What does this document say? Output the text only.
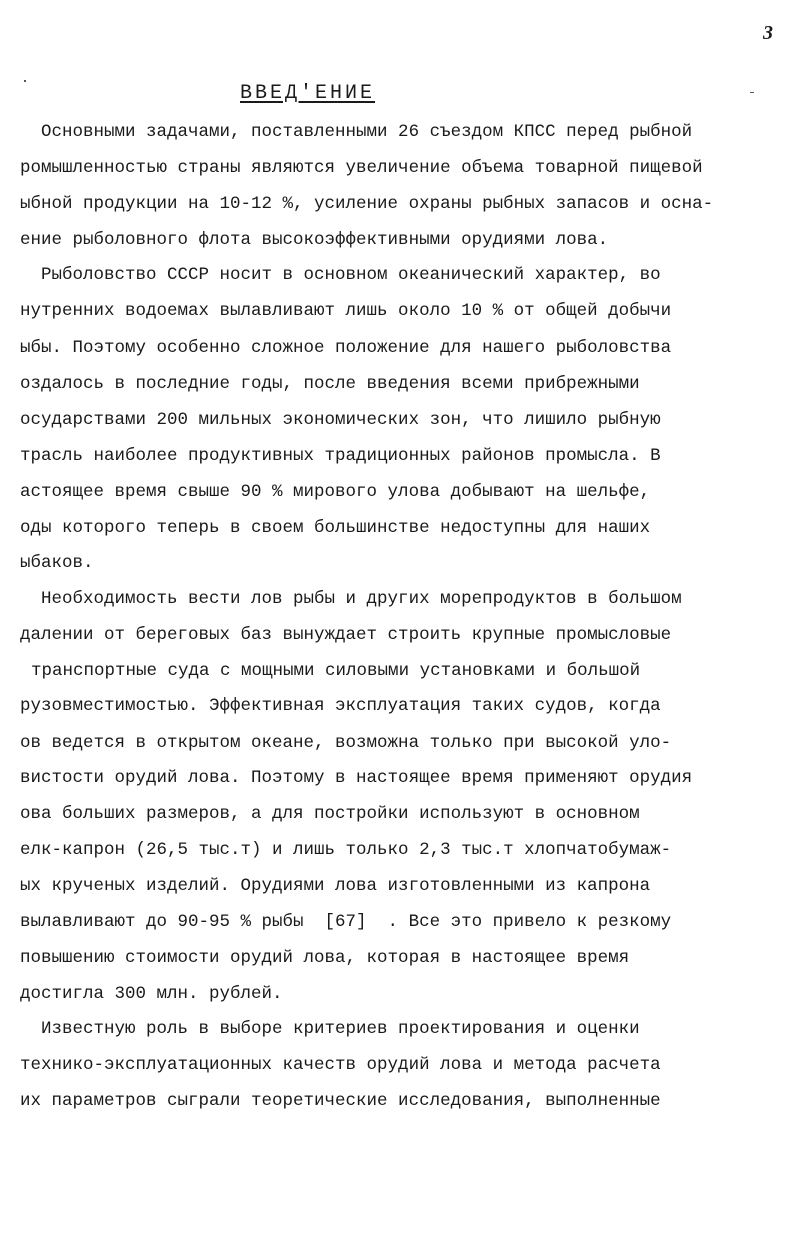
3
ВВЕД'ЕНИЕ
Основными задачами, поставленными 26 съездом КПСС перед рыбной
ромышленностью страны являются увеличение объема товарной пищевой
ыбной продукции на 10-12 %, усиление охраны рыбных запасов и осна-
ение рыболовного флота высокоэффективными орудиями лова.
Рыболовство СССР носит в основном океанический характер, во
нутренних водоемах вылавливают лишь около 10 % от общей добычи
ыбы. Поэтому особенно сложное положение для нашего рыболовства
оздалось в последние годы, после введения всеми прибрежными
осударствами 200 мильных экономических зон, что лишило рыбную
трасль наиболее продуктивных традиционных районов промысла. В
астоящее время свыше 90 % мирового улова добывают на шельфе,
оды которого теперь в своем большинстве недоступны для наших
ыбаков.
Необходимость вести лов рыбы и других морепродуктов в большом
далении от береговых баз вынуждает строить крупные промысловые
транспортные суда с мощными силовыми установками и большой
рузовместимостью. Эффективная эксплуатация таких судов, когда
ов ведется в открытом океане, возможна только при высокой уло-
вистости орудий лова. Поэтому в настоящее время применяют орудия
ова больших размеров, а для постройки используют в основном
елк-капрон (26,5 тыс.т) и лишь только 2,3 тыс.т хлопчатобумаж-
ых крученых изделий. Орудиями лова изготовленными из капрона
вылавливают до 90-95 % рыбы  [67]  . Все это привело к резкому
повышению стоимости орудий лова, которая в настоящее время
достигла 300 млн. рублей.
Известную роль в выборе критериев проектирования и оценки
технико-эксплуатационных качеств орудий лова и метода расчета
их параметров сыграли теоретические исследования, выполненные
